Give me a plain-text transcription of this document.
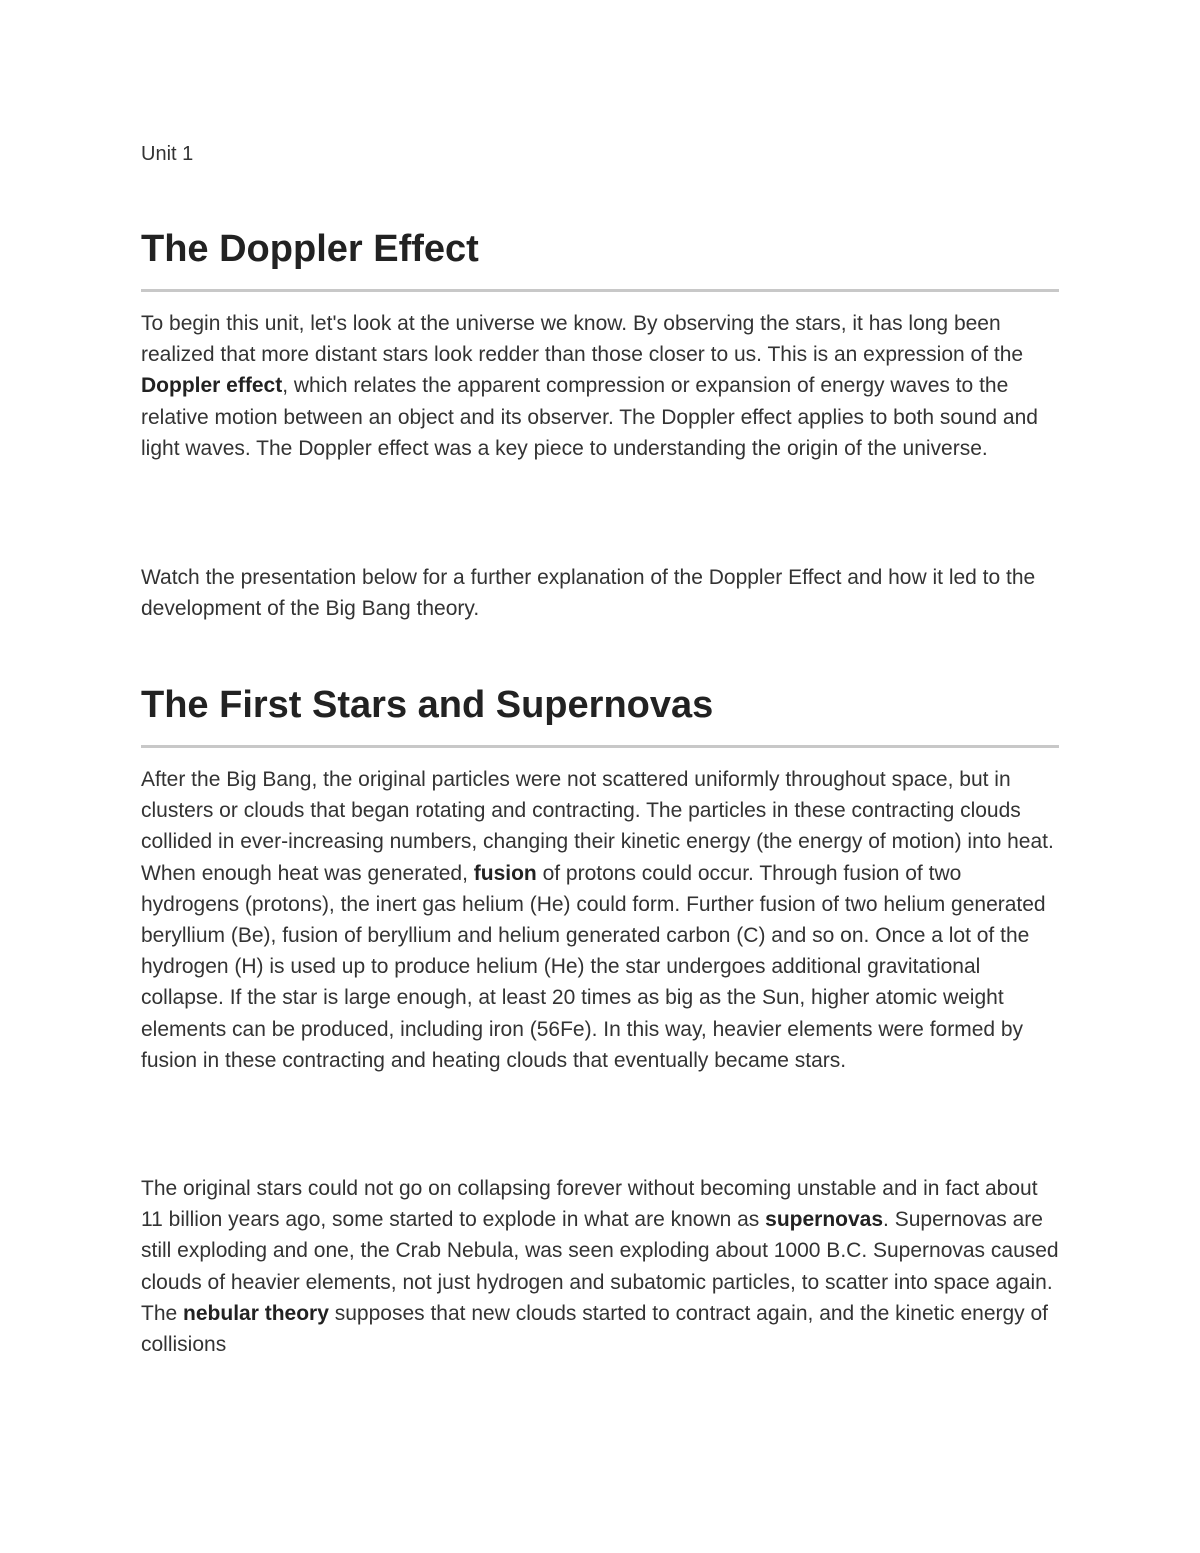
Unit 1

The Doppler Effect

To begin this unit, let's look at the universe we know. By observing the stars, it has long been realized that more distant stars look redder than those closer to us. This is an expression of the Doppler effect, which relates the apparent compression or expansion of energy waves to the relative motion between an object and its observer. The Doppler effect applies to both sound and light waves. The Doppler effect was a key piece to understanding the origin of the universe.

Watch the presentation below for a further explanation of the Doppler Effect and how it led to the development of the Big Bang theory.

The First Stars and Supernovas

After the Big Bang, the original particles were not scattered uniformly throughout space, but in clusters or clouds that began rotating and contracting. The particles in these contracting clouds collided in ever-increasing numbers, changing their kinetic energy (the energy of motion) into heat. When enough heat was generated, fusion of protons could occur. Through fusion of two hydrogens (protons), the inert gas helium (He) could form. Further fusion of two helium generated beryllium (Be), fusion of beryllium and helium generated carbon (C) and so on. Once a lot of the hydrogen (H) is used up to produce helium (He) the star undergoes additional gravitational collapse. If the star is large enough, at least 20 times as big as the Sun, higher atomic weight elements can be produced, including iron (56Fe). In this way, heavier elements were formed by fusion in these contracting and heating clouds that eventually became stars.

The original stars could not go on collapsing forever without becoming unstable and in fact about 11 billion years ago, some started to explode in what are known as supernovas. Supernovas are still exploding and one, the Crab Nebula, was seen exploding about 1000 B.C. Supernovas caused clouds of heavier elements, not just hydrogen and subatomic particles, to scatter into space again. The nebular theory supposes that new clouds started to contract again, and the kinetic energy of collisions
